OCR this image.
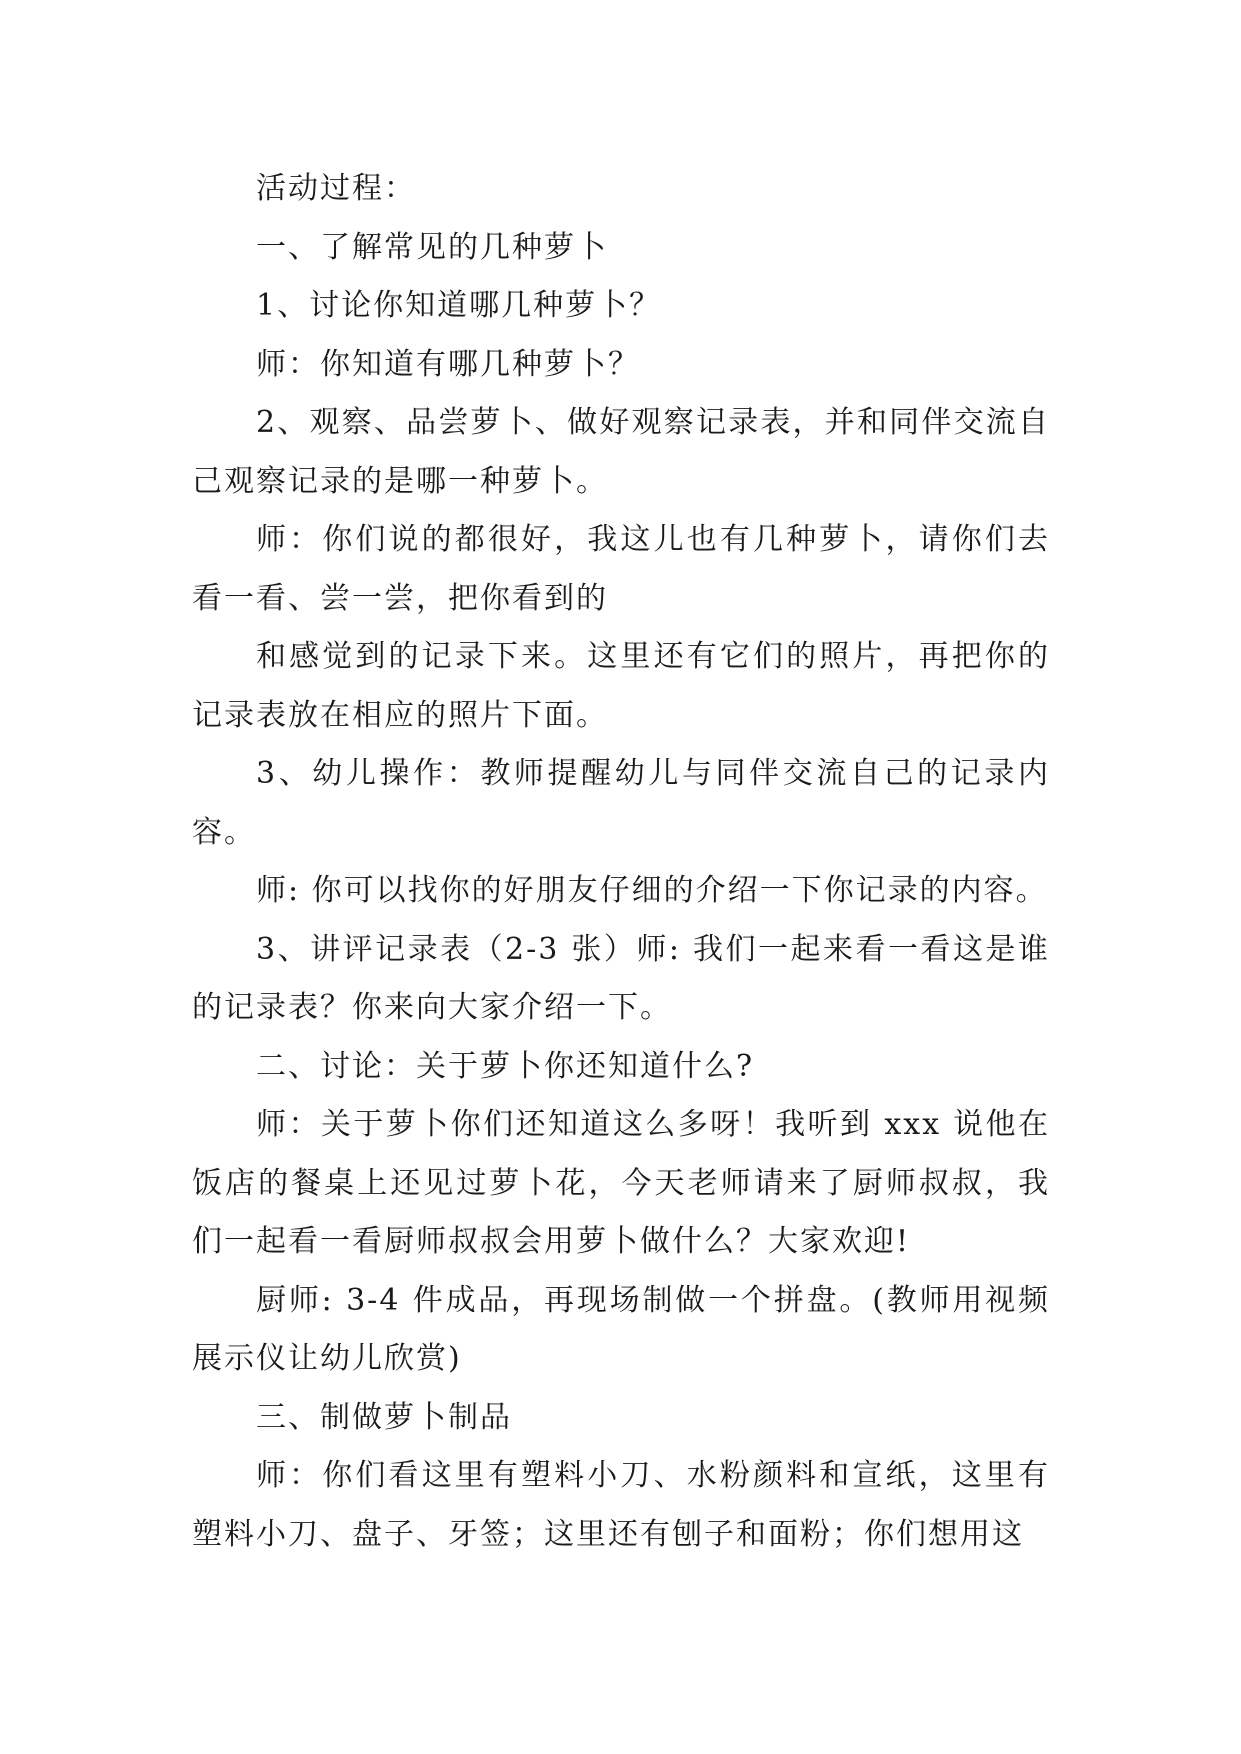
活动过程：

一、了解常见的几种萝卜

1、讨论你知道哪几种萝卜？

师：你知道有哪几种萝卜？

2、观察、品尝萝卜、做好观察记录表，并和同伴交流自己观察记录的是哪一种萝卜。

师：你们说的都很好，我这儿也有几种萝卜，请你们去看一看、尝一尝，把你看到的

和感觉到的记录下来。这里还有它们的照片，再把你的记录表放在相应的照片下面。

3、幼儿操作：教师提醒幼儿与同伴交流自己的记录内容。

师: 你可以找你的好朋友仔细的介绍一下你记录的内容。

3、讲评记录表（2-3 张）师: 我们一起来看一看这是谁的记录表？你来向大家介绍一下。

二、讨论：关于萝卜你还知道什么?

师：关于萝卜你们还知道这么多呀！我听到 xxx 说他在饭店的餐桌上还见过萝卜花，今天老师请来了厨师叔叔，我们一起看一看厨师叔叔会用萝卜做什么？大家欢迎!

厨师: 3-4 件成品，再现场制做一个拼盘。(教师用视频展示仪让幼儿欣赏)

三、制做萝卜制品

师：你们看这里有塑料小刀、水粉颜料和宣纸，这里有塑料小刀、盘子、牙签；这里还有刨子和面粉；你们想用这
